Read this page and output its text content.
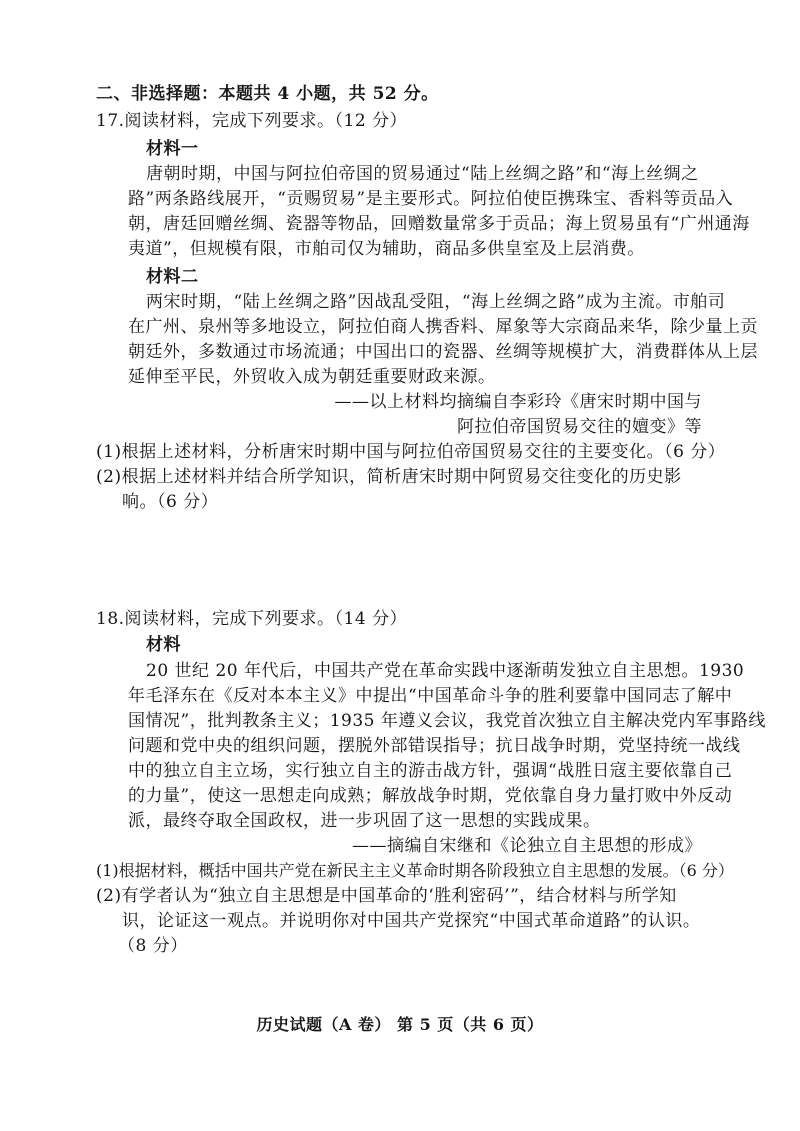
二、非选择题：本题共 4 小题，共 52 分。
17.阅读材料，完成下列要求。（12 分）
材料一
唐朝时期，中国与阿拉伯帝国的贸易通过“陆上丝绸之路”和“海上丝绸之
路”两条路线展开，“贡赐贸易”是主要形式。阿拉伯使臣携珠宝、香料等贡品入
朝，唐廷回赠丝绸、瓷器等物品，回赠数量常多于贡品；海上贸易虽有“广州通海
夷道”，但规模有限，市舶司仅为辅助，商品多供皇室及上层消费。
材料二
两宋时期，“陆上丝绸之路”因战乱受阻，“海上丝绸之路”成为主流。市舶司
在广州、泉州等多地设立，阿拉伯商人携香料、犀象等大宗商品来华，除少量上贡
朝廷外，多数通过市场流通；中国出口的瓷器、丝绸等规模扩大，消费群体从上层
延伸至平民，外贸收入成为朝廷重要财政来源。
——以上材料均摘编自李彩玲《唐宋时期中国与
阿拉伯帝国贸易交往的嬗变》等
(1)根据上述材料，分析唐宋时期中国与阿拉伯帝国贸易交往的主要变化。（6 分）
(2)根据上述材料并结合所学知识，简析唐宋时期中阿贸易交往变化的历史影
响。（6 分）
18.阅读材料，完成下列要求。（14 分）
材料
20 世纪 20 年代后，中国共产党在革命实践中逐渐萌发独立自主思想。1930
年毛泽东在《反对本本主义》中提出“中国革命斗争的胜利要靠中国同志了解中
国情况”，批判教条主义；1935 年遵义会议，我党首次独立自主解决党内军事路线
问题和党中央的组织问题，摆脱外部错误指导；抗日战争时期，党坚持统一战线
中的独立自主立场，实行独立自主的游击战方针，强调“战胜日寇主要依靠自己
的力量”，使这一思想走向成熟；解放战争时期，党依靠自身力量打败中外反动
派，最终夺取全国政权，进一步巩固了这一思想的实践成果。
——摘编自宋继和《论独立自主思想的形成》
(1)根据材料，概括中国共产党在新民主主义革命时期各阶段独立自主思想的发展。（6 分）
(2)有学者认为“独立自主思想是中国革命的‘胜利密码’”，结合材料与所学知
识，论证这一观点。并说明你对中国共产党探究“中国式革命道路”的认识。
（8 分）
历史试题（A 卷） 第 5 页（共 6 页）
